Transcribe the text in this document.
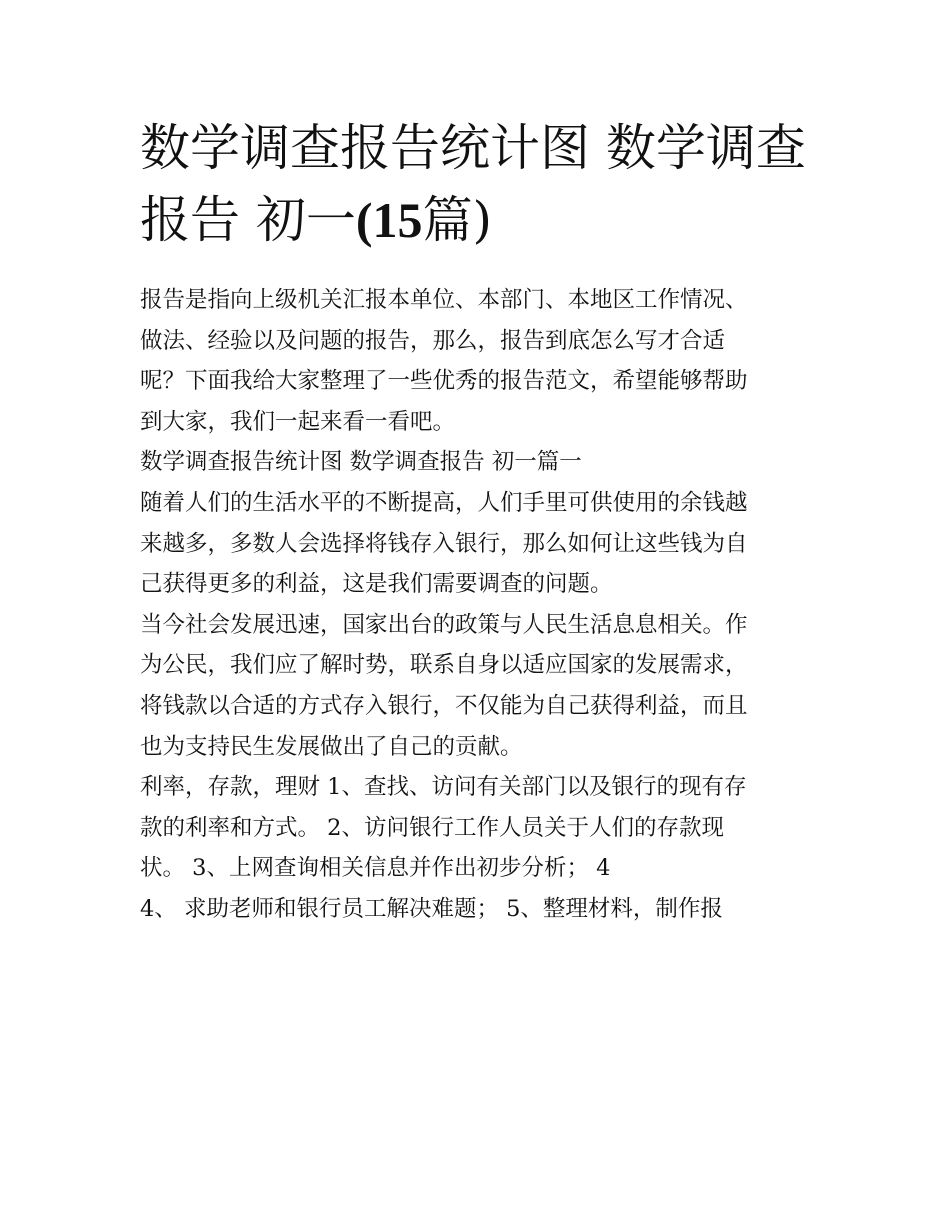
数学调查报告统计图 数学调查报告 初一(15篇)
报告是指向上级机关汇报本单位、本部门、本地区工作情况、
做法、经验以及问题的报告，那么，报告到底怎么写才合适
呢？下面我给大家整理了一些优秀的报告范文，希望能够帮助
到大家，我们一起来看一看吧。
数学调查报告统计图 数学调查报告 初一篇一
随着人们的生活水平的不断提高，人们手里可供使用的余钱越
来越多，多数人会选择将钱存入银行，那么如何让这些钱为自
己获得更多的利益，这是我们需要调查的问题。
当今社会发展迅速，国家出台的政策与人民生活息息相关。作
为公民，我们应了解时势，联系自身以适应国家的发展需求，
将钱款以合适的方式存入银行，不仅能为自己获得利益，而且
也为支持民生发展做出了自己的贡献。
利率，存款，理财 1、查找、访问有关部门以及银行的现有存
款的利率和方式。 2、访问银行工作人员关于人们的存款现
状。 3、上网查询相关信息并作出初步分析； 4
4、 求助老师和银行员工解决难题； 5、整理材料，制作报
